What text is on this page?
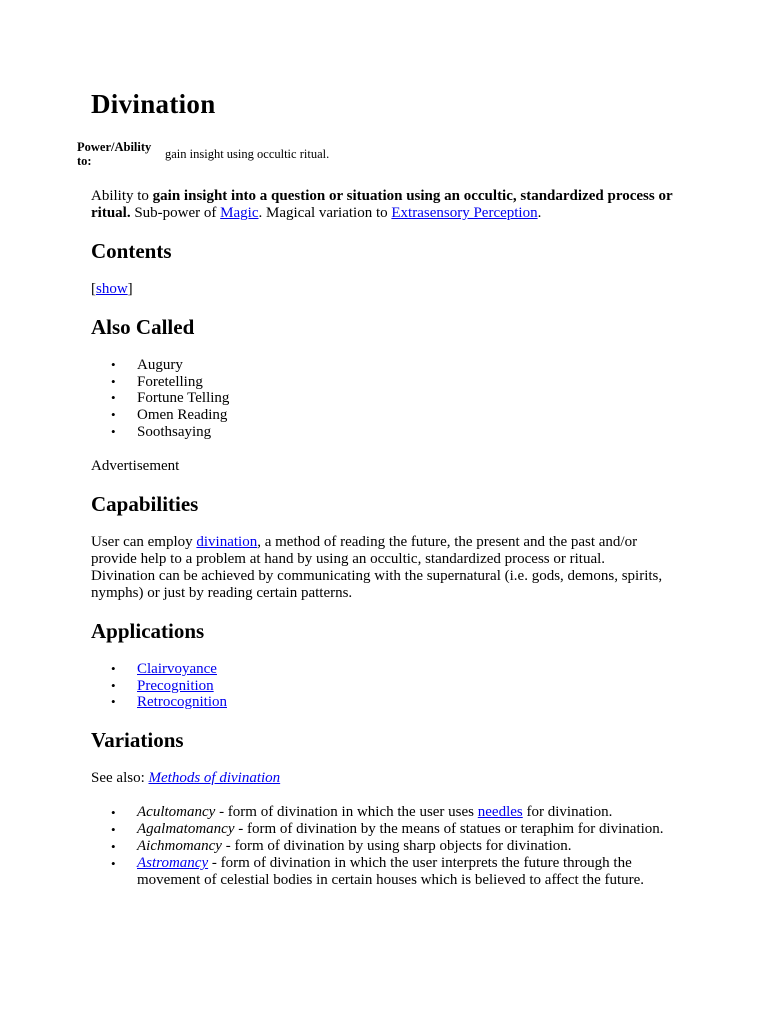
Divination
Power/Ability to:	gain insight using occultic ritual.

Ability to gain insight into a question or situation using an occultic, standardized process or ritual. Sub-power of Magic. Magical variation to Extrasensory Perception.

Contents
[show]
Also Called
• Augury
• Foretelling
• Fortune Telling
• Omen Reading
• Soothsaying
Advertisement
Capabilities

User can employ divination, a method of reading the future, the present and the past and/or provide help to a problem at hand by using an occultic, standardized process or ritual. Divination can be achieved by communicating with the supernatural (i.e. gods, demons, spirits, nymphs) or just by reading certain patterns.

Applications
• Clairvoyance
• Precognition
• Retrocognition
Variations
See also: Methods of divination
• Acultomancy - form of divination in which the user uses needles for divination.
• Agalmatomancy - form of divination by the means of statues or teraphim for divination.
• Aichmomancy - form of divination by using sharp objects for divination.
• Astromancy - form of divination in which the user interprets the future through the movement of celestial bodies in certain houses which is believed to affect the future.
